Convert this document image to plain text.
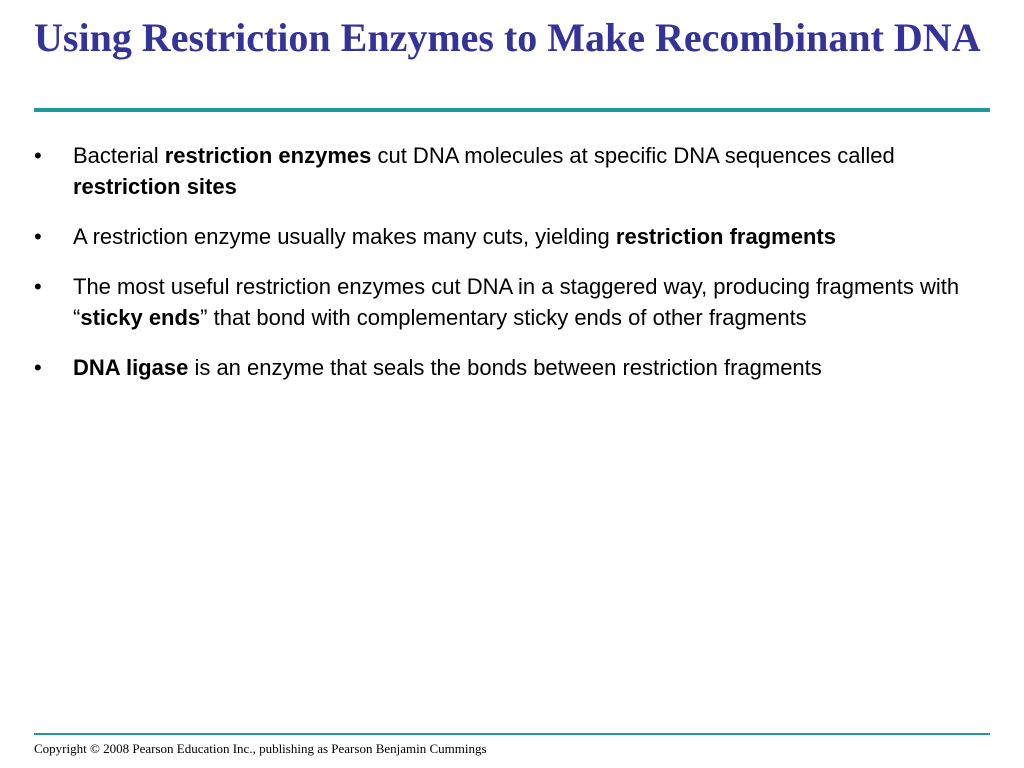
Using Restriction Enzymes to Make Recombinant DNA
•	Bacterial restriction enzymes cut DNA molecules at specific DNA sequences called restriction sites
•	A restriction enzyme usually makes many cuts, yielding restriction fragments
•	The most useful restriction enzymes cut DNA in a staggered way, producing fragments with “sticky ends” that bond with complementary sticky ends of other fragments
•	DNA ligase is an enzyme that seals the bonds between restriction fragments
Copyright © 2008 Pearson Education Inc., publishing as Pearson Benjamin Cummings
